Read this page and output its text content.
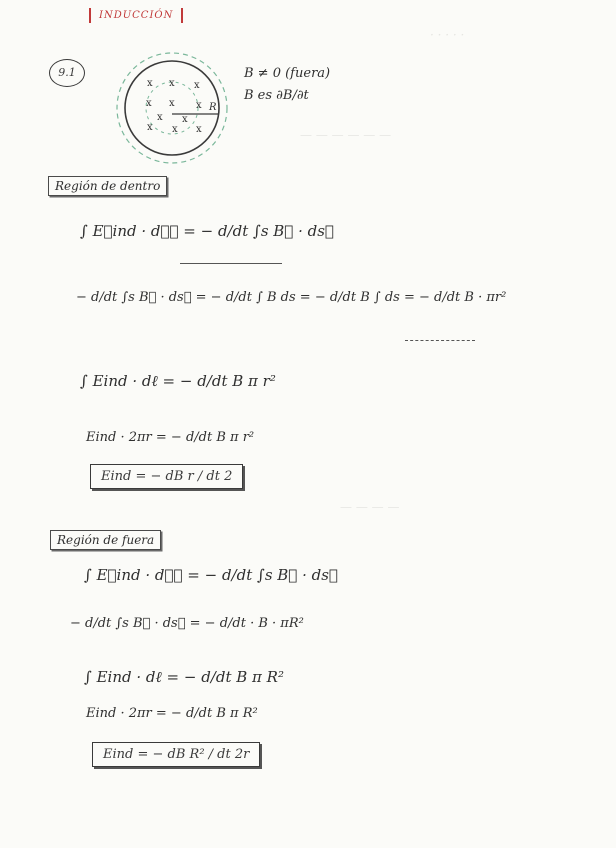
INDUCCIÓN
9.1
x x x
x x x
x x
x x x
R
B ≠ 0 (fuera)
B es ∂B/∂t
· · · · ·
— — — — — —
— — — —
Región de dentro
∫ E⃗ind · dℓ⃗ = − d/dt ∫s B⃗ · ds⃗
− d/dt ∫s B⃗ · ds⃗ = − d/dt ∫ B ds = − d/dt B ∫ ds = − d/dt B · πr²
∫ Eind · dℓ = − d/dt B π r²
Eind · 2πr = − d/dt B π r²
Eind = − dB r / dt 2
Región de fuera
∫ E⃗ind · dℓ⃗ = − d/dt ∫s B⃗ · ds⃗
− d/dt ∫s B⃗ · ds⃗ = − d/dt · B · πR²
∫ Eind · dℓ = − d/dt B π R²
Eind · 2πr = − d/dt B π R²
Eind = − dB R² / dt 2r
